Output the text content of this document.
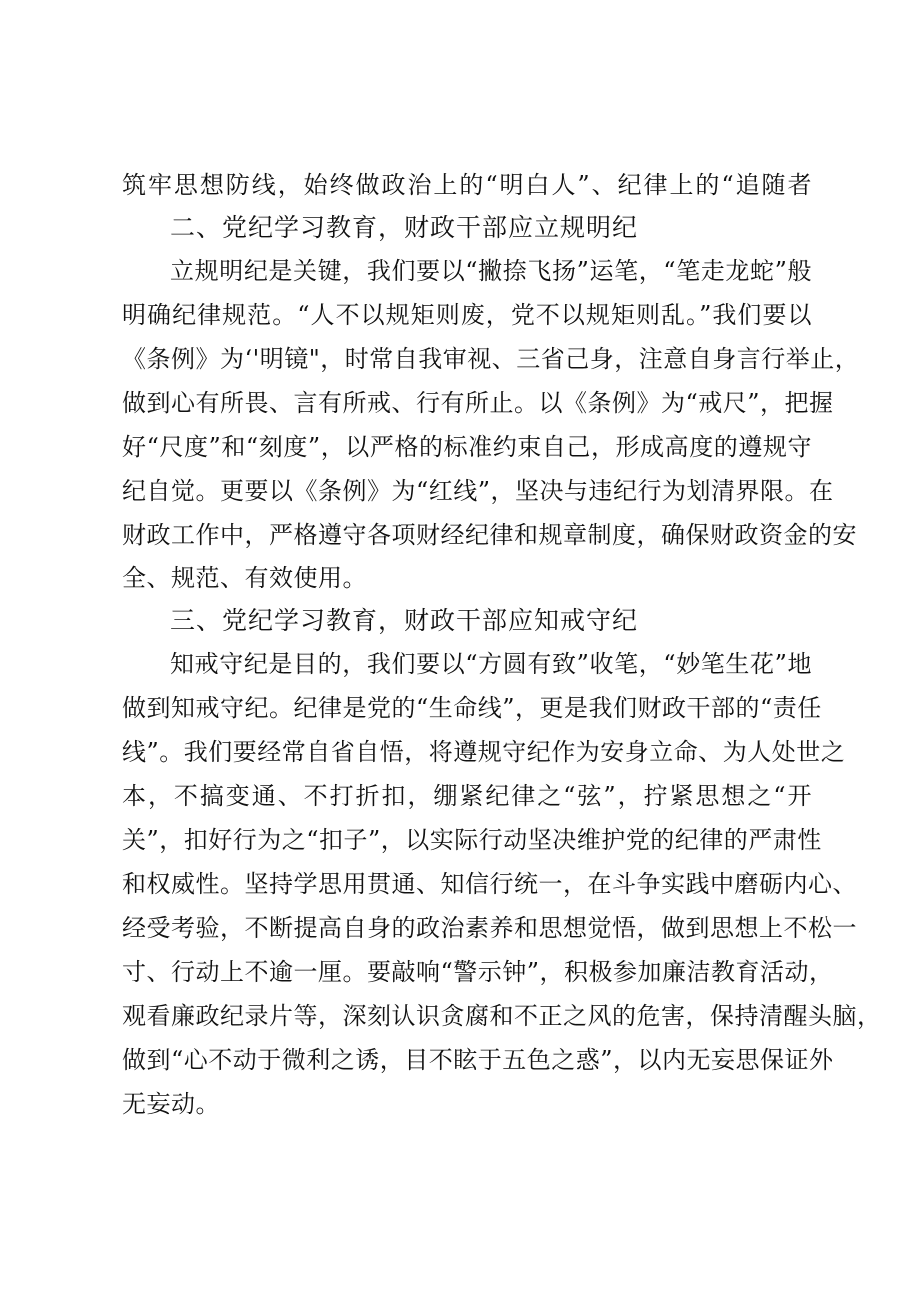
筑牢思想防线，始终做政治上的“明白人”、纪律上的“追随者
二、党纪学习教育，财政干部应立规明纪
立规明纪是关键，我们要以“撇捺飞扬”运笔，“笔走龙蛇”般
明确纪律规范。“人不以规矩则废，党不以规矩则乱。”我们要以
《条例》为‘'明镜"，时常自我审视、三省己身，注意自身言行举止，
做到心有所畏、言有所戒、行有所止。以《条例》为“戒尺”，把握
好“尺度”和“刻度”，以严格的标准约束自己，形成高度的遵规守
纪自觉。更要以《条例》为“红线”，坚决与违纪行为划清界限。在
财政工作中，严格遵守各项财经纪律和规章制度，确保财政资金的安
全、规范、有效使用。
三、党纪学习教育，财政干部应知戒守纪
知戒守纪是目的，我们要以“方圆有致”收笔，“妙笔生花”地
做到知戒守纪。纪律是党的“生命线”，更是我们财政干部的“责任
线”。我们要经常自省自悟，将遵规守纪作为安身立命、为人处世之
本，不搞变通、不打折扣，绷紧纪律之“弦”，拧紧思想之“开
关”，扣好行为之“扣子”，以实际行动坚决维护党的纪律的严肃性
和权威性。坚持学思用贯通、知信行统一，在斗争实践中磨砺内心、
经受考验，不断提高自身的政治素养和思想觉悟，做到思想上不松一
寸、行动上不逾一厘。要敲响“警示钟”，积极参加廉洁教育活动，
观看廉政纪录片等，深刻认识贪腐和不正之风的危害，保持清醒头脑，
做到“心不动于微利之诱，目不眩于五色之惑”，以内无妄思保证外
无妄动。
